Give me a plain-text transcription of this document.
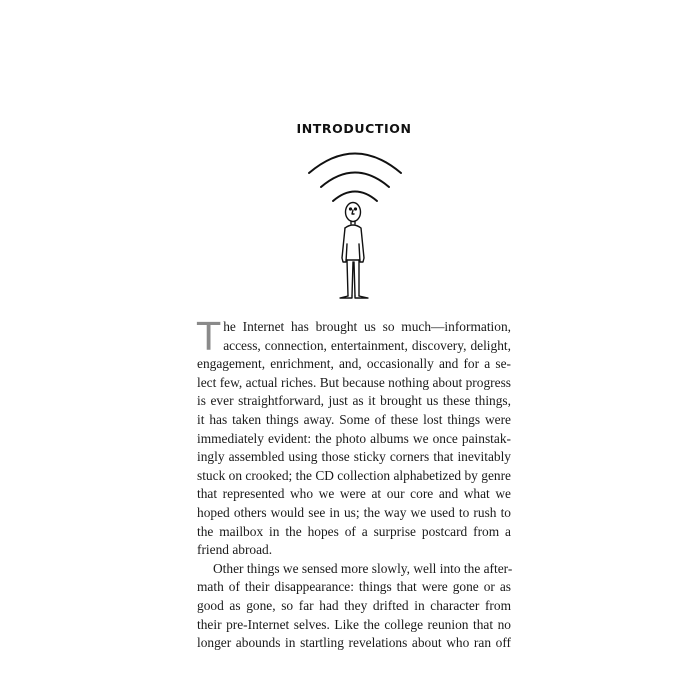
INTRODUCTION

T he Internet has brought us so much—information,
access, connection, entertainment, discovery, delight,
engagement, enrichment, and, occasionally and for a se-
lect few, actual riches. But because nothing about progress
is ever straightforward, just as it brought us these things,
it has taken things away. Some of these lost things were
immediately evident: the photo albums we once painstak-
ingly assembled using those sticky corners that inevitably
stuck on crooked; the CD collection alphabetized by genre
that represented who we were at our core and what we
hoped others would see in us; the way we used to rush to
the mailbox in the hopes of a surprise postcard from a
friend abroad.

Other things we sensed more slowly, well into the after-
math of their disappearance: things that were gone or as
good as gone, so far had they drifted in character from
their pre-Internet selves. Like the college reunion that no
longer abounds in startling revelations about who ran off
